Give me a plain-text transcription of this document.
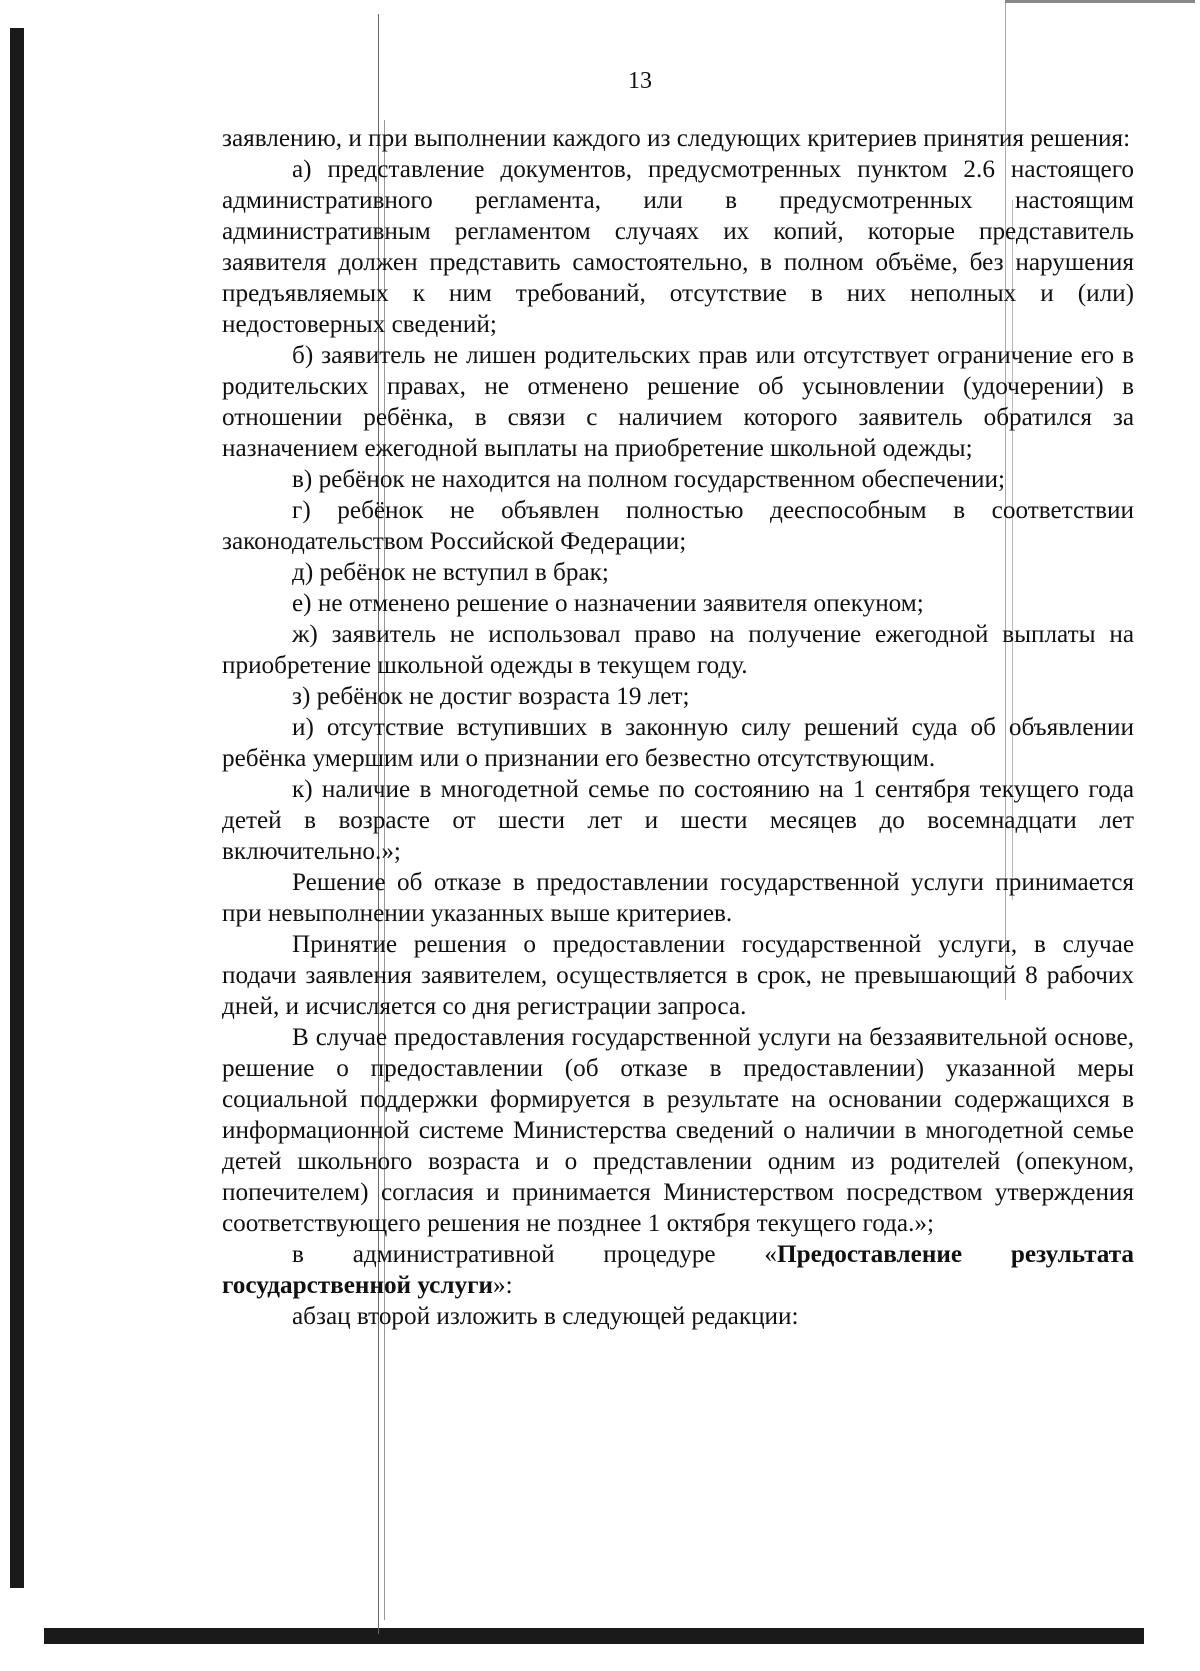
13

заявлению, и при выполнении каждого из следующих критериев принятия решения:

а) представление документов, предусмотренных пунктом 2.6 настоящего административного регламента, или в предусмотренных настоящим административным регламентом случаях их копий, которые представитель заявителя должен представить самостоятельно, в полном объёме, без нарушения предъявляемых к ним требований, отсутствие в них неполных и (или) недостоверных сведений;

б) заявитель не лишен родительских прав или отсутствует ограничение его в родительских правах, не отменено решение об усыновлении (удочерении) в отношении ребёнка, в связи с наличием которого заявитель обратился за назначением ежегодной выплаты на приобретение школьной одежды;

в) ребёнок не находится на полном государственном обеспечении;

г) ребёнок не объявлен полностью дееспособным в соответствии законодательством Российской Федерации;

д) ребёнок не вступил в брак;

е) не отменено решение о назначении заявителя опекуном;

ж) заявитель не использовал право на получение ежегодной выплаты на приобретение школьной одежды в текущем году.

з) ребёнок не достиг возраста 19 лет;

и) отсутствие вступивших в законную силу решений суда об объявлении ребёнка умершим или о признании его безвестно отсутствующим.

к) наличие в многодетной семье по состоянию на 1 сентября текущего года детей в возрасте от шести лет и шести месяцев до восемнадцати лет включительно.»;

Решение об отказе в предоставлении государственной услуги принимается при невыполнении указанных выше критериев.

Принятие решения о предоставлении государственной услуги, в случае подачи заявления заявителем, осуществляется в срок, не превышающий 8 рабочих дней, и исчисляется со дня регистрации запроса.

В случае предоставления государственной услуги на беззаявительной основе, решение о предоставлении (об отказе в предоставлении) указанной меры социальной поддержки формируется в результате на основании содержащихся в информационной системе Министерства сведений о наличии в многодетной семье детей школьного возраста и о представлении одним из родителей (опекуном, попечителем) согласия и принимается Министерством посредством утверждения соответствующего решения не позднее 1 октября текущего года.»;

в административной процедуре «Предоставление результата государственной услуги»:

абзац второй изложить в следующей редакции:
